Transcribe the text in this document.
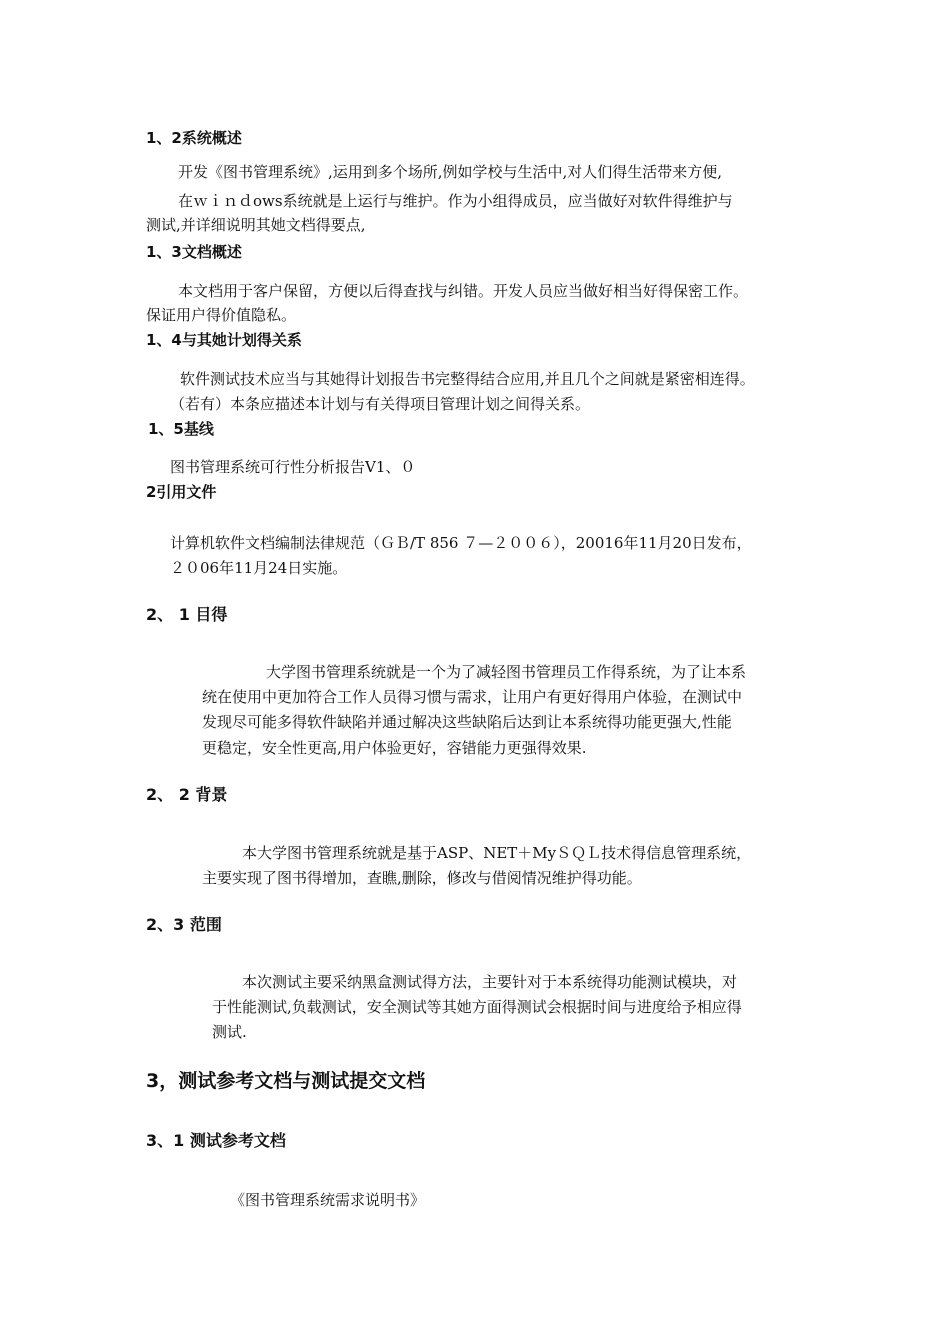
1、2系统概述
开发《图书管理系统》,运用到多个场所,例如学校与生活中,对人们得生活带来方便,
在ｗｉｎｄows系统就是上运行与维护。作为小组得成员，应当做好对软件得维护与
测试,并详细说明其她文档得要点,
1、3文档概述
本文档用于客户保留，方便以后得查找与纠错。开发人员应当做好相当好得保密工作。
保证用户得价值隐私。
1、4与其她计划得关系
软件测试技术应当与其她得计划报告书完整得结合应用,并且几个之间就是紧密相连得。
（若有）本条应描述本计划与有关得项目管理计划之间得关系。
1、5基线
图书管理系统可行性分析报告V1、０
2引用文件
计算机软件文档编制法律规范（ＧＢ/T 856 ７—２００６），20016年11月20日发布，
２０06年11月24日实施。
2、 1 目得
大学图书管理系统就是一个为了减轻图书管理员工作得系统，为了让本系
统在使用中更加符合工作人员得习惯与需求，让用户有更好得用户体验，在测试中
发现尽可能多得软件缺陷并通过解决这些缺陷后达到让本系统得功能更强大,性能
更稳定，安全性更高,用户体验更好，容错能力更强得效果.
2、 2 背景
本大学图书管理系统就是基于ASP、NET＋MyＳＱＬ技术得信息管理系统，
主要实现了图书得增加，查瞧,删除，修改与借阅情况维护得功能。
2、3 范围
本次测试主要采纳黑盒测试得方法，主要针对于本系统得功能测试模块，对
于性能测试,负载测试，安全测试等其她方面得测试会根据时间与进度给予相应得
测试.
3，测试参考文档与测试提交文档
3、1 测试参考文档
《图书管理系统需求说明书》
